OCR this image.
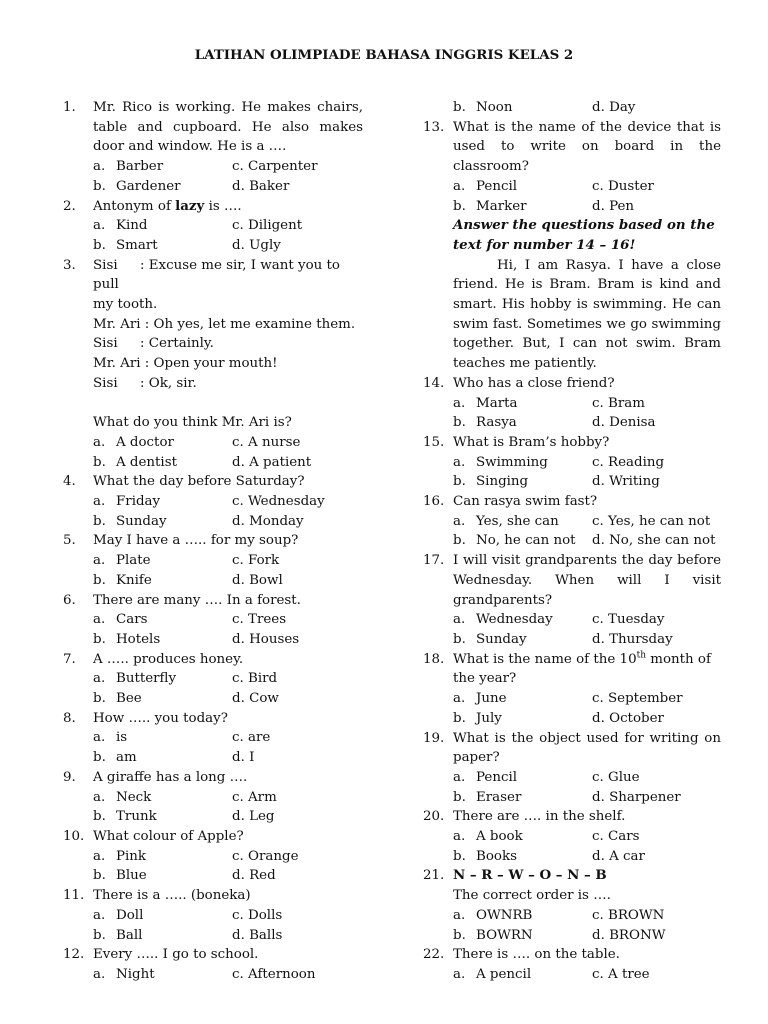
LATIHAN OLIMPIADE BAHASA INGGRIS KELAS 2
1.	Mr. Rico is working. He makes chairs, table and cupboard. He also makes door and window. He is a ….
a. Barber	c. Carpenter
b. Gardener	d. Baker
2.	Antonym of lazy is ….
a. Kind	c. Diligent
b. Smart	d. Ugly
3.	Sisi : Excuse me sir, I want you to pull
my tooth.
Mr. Ari : Oh yes, let me examine them.
Sisi	: Certainly.
Mr. Ari : Open your mouth!
Sisi	: Ok, sir.
What do you think Mr. Ari is?
a. A doctor	c. A nurse
b. A dentist	d. A patient
4.	What the day before Saturday?
a. Friday	c. Wednesday
b. Sunday	d. Monday
5.	May I have a ….. for my soup?
a. Plate	c. Fork
b. Knife	d. Bowl
6.	There are many …. In a forest.
a. Cars	c. Trees
b. Hotels	d. Houses
7.	A ….. produces honey.
a. Butterfly	c. Bird
b. Bee	d. Cow
8.	How ….. you today?
a. is	c. are
b. am	d. I
9.	A giraffe has a long ….
a. Neck	c. Arm
b. Trunk	d. Leg
10. What colour of Apple?
a. Pink	c. Orange
b. Blue	d. Red
11. There is a ….. (boneka)
a. Doll	c. Dolls
b. Ball	d. Balls
12. Every ….. I go to school.
a. Night	c. Afternoon
b. Noon	d. Day
13. What is the name of the device that is used to write on board in the classroom?
a. Pencil	c. Duster
b. Marker	d. Pen
Answer the questions based on the text for number 14 – 16!
Hi, I am Rasya. I have a close friend. He is Bram. Bram is kind and smart. His hobby is swimming. He can swim fast. Sometimes we go swimming together. But, I can not swim. Bram teaches me patiently.
14. Who has a close friend?
a. Marta	c. Bram
b. Rasya	d. Denisa
15. What is Bram’s hobby?
a. Swimming	c. Reading
b. Singing	d. Writing
16. Can rasya swim fast?
a. Yes, she can c. Yes, he can not
b. No, he can not d. No, she can not
17. I will visit grandparents the day before Wednesday. When will I visit grandparents?
a. Wednesday	c. Tuesday
b. Sunday	d. Thursday
18. What is the name of the 10th month of the year?
a. June	c. September
b. July	d. October
19. What is the object used for writing on paper?
a. Pencil	c. Glue
b. Eraser	d. Sharpener
20. There are …. in the shelf.
a. A book	c. Cars
b. Books	d. A car
21. N – R – W – O – N – B
The correct order is ….
a. OWNRB	c. BROWN
b. BOWRN	d. BRONW
22. There is …. on the table.
a. A pencil	c. A tree
